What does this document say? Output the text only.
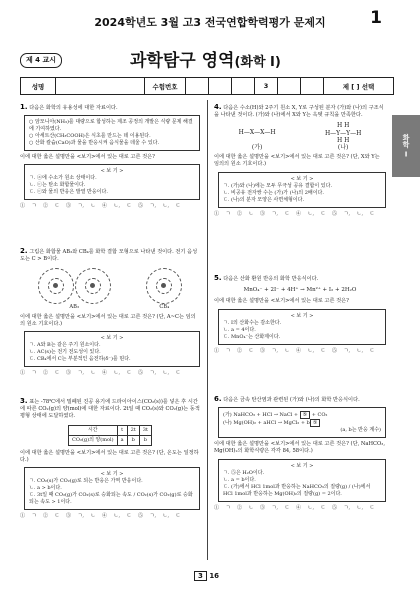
2024학년도 3월 고3 전국연합학력평가 문제지	1
제 4 교시	과학탐구 영역(화학 Ⅰ)
성명	수험번호	3	제 [ ] 선택
화학 Ⅰ
1. 다음은 화학의 유용성에 대한 자료이다.
○ 암모니아(NH₃)를 대량으로 합성하는 제조 공정의 개발은 식량 문제 해결에 기여하였다.
○ 아세트산(CH₃COOH)은 식초를 만드는 데 이용된다.
○ 산화 칼슘(CaO)과 물을 반응시켜 음식물을 데울 수 있다.
이에 대한 옳은 설명만을 <보기>에서 있는 대로 고른 것은?
< 보 기 >
ㄱ. ⓐ에 수소가 원소 상태이다.
ㄴ. ⓒ는 탄소 화합물이다.
ㄷ. ⓒ와 물의 반응은 발열 반응이다.
① ㄱ ② ㄷ ③ ㄱ, ㄴ ④ ㄴ, ㄷ ⑤ ㄱ, ㄴ, ㄷ
2. 그림은 화합물 AB₃와 CB₄를 화학 결합 모형으로 나타낸 것이다. 전기 음성도는 C > B이다.
AB₃	CB₄
이에 대한 옳은 설명만을 <보기>에서 있는 대로 고른 것은? (단, A~C는 임의의 원소 기호이다.)
< 보 기 >
ㄱ. A와 B는 같은 주기 원소이다.
ㄴ. AC(s)는 전기 전도성이 있다.
ㄷ. CB₄에서 C는 부분적인 음전하(δ⁻)를 띤다.
① ㄱ ② ㄷ ③ ㄱ, ㄴ ④ ㄴ, ㄷ ⑤ ㄱ, ㄴ, ㄷ
3. 표는 -78℃에서 밀폐된 진공 용기에 드라이아이스(CO₂(s))를 넣은 후 시간에 따른 CO₂(g)의 양(mol)에 대한 자료이다. 2t일 때 CO₂(s)와 CO₂(g)는 동적 평형 상태에 도달하였다.
시간	t	2t	3t
CO₂(g)의 양(mol)	a	b	b
이에 대한 옳은 설명만을 <보기>에서 있는 대로 고른 것은? (단, 온도는 일정하다.)
< 보 기 >
ㄱ. CO₂(s)가 CO₂(g)로 되는 반응은 가역 반응이다.
ㄴ. a > b이다.
ㄷ. 3t일 때 CO₂(g)가 CO₂(s)로 승화되는 속도 / CO₂(s)가 CO₂(g)로 승화되는 속도 > 1이다.
① ㄱ ② ㄷ ③ ㄱ, ㄴ ④ ㄴ, ㄷ ⑤ ㄱ, ㄴ, ㄷ
4. 다음은 수소(H)와 2주기 원소 X, Y로 구성된 분자 (가)와 (나)의 구조식을 나타낸 것이다. (가)와 (나)에서 X와 Y는 옥텟 규칙을 만족한다.
H—X—X—H
(가)
H H
H—Y—Y—H
H H
(나)
이에 대한 옳은 설명만을 <보기>에서 있는 대로 고른 것은? (단, X와 Y는 임의의 원소 기호이다.)
< 보 기 >
ㄱ. (가)와 (나)에는 모두 무극성 공유 결합이 있다.
ㄴ. 비공유 전자쌍 수는 (가)가 (나)의 2배이다.
ㄷ. (나)의 분자 모양은 사면체형이다.
① ㄱ ② ㄴ ③ ㄱ, ㄷ ④ ㄴ, ㄷ ⑤ ㄱ, ㄴ, ㄷ
5. 다음은 산화 환원 반응의 화학 반응식이다.
MnO₄⁻ + 2I⁻ + 4H⁺ → Mn²⁺ + I₂ + 2H₂O
이에 대한 옳은 설명만을 <보기>에서 있는 대로 고른 것은?
< 보 기 >
ㄱ. I의 산화수는 감소한다.
ㄴ. a = 4이다.
ㄷ. MnO₄⁻는 산화제이다.
① ㄱ ② ㄷ ③ ㄱ, ㄴ ④ ㄴ, ㄷ ⑤ ㄱ, ㄴ, ㄷ
6. 다음은 금속 탄산염과 관련된 (가)와 (나)의 화학 반응식이다.
(가) NaHCO₃ + HCl → NaCl + ⑤ + CO₂
(나) Mg(OH)₂ + aHCl → MgCl₂ + b ⑤
(a, b는 반응 계수)
이에 대한 옳은 설명만을 <보기>에서 있는 대로 고른 것은? (단, NaHCO₃, Mg(OH)₂의 화학식량은 각각 84, 58이다.)
< 보 기 >
ㄱ. ⑤은 H₂O이다.
ㄴ. a = b이다.
ㄷ. (가)에서 HCl 1mol과 반응하는 NaHCO₃의 질량(g) / (나)에서 HCl 1mol과 반응하는 Mg(OH)₂의 질량(g) = 2이다.
① ㄱ ② ㄴ ③ ㄱ, ㄷ ④ ㄴ, ㄷ ⑤ ㄱ, ㄴ, ㄷ
3 16
